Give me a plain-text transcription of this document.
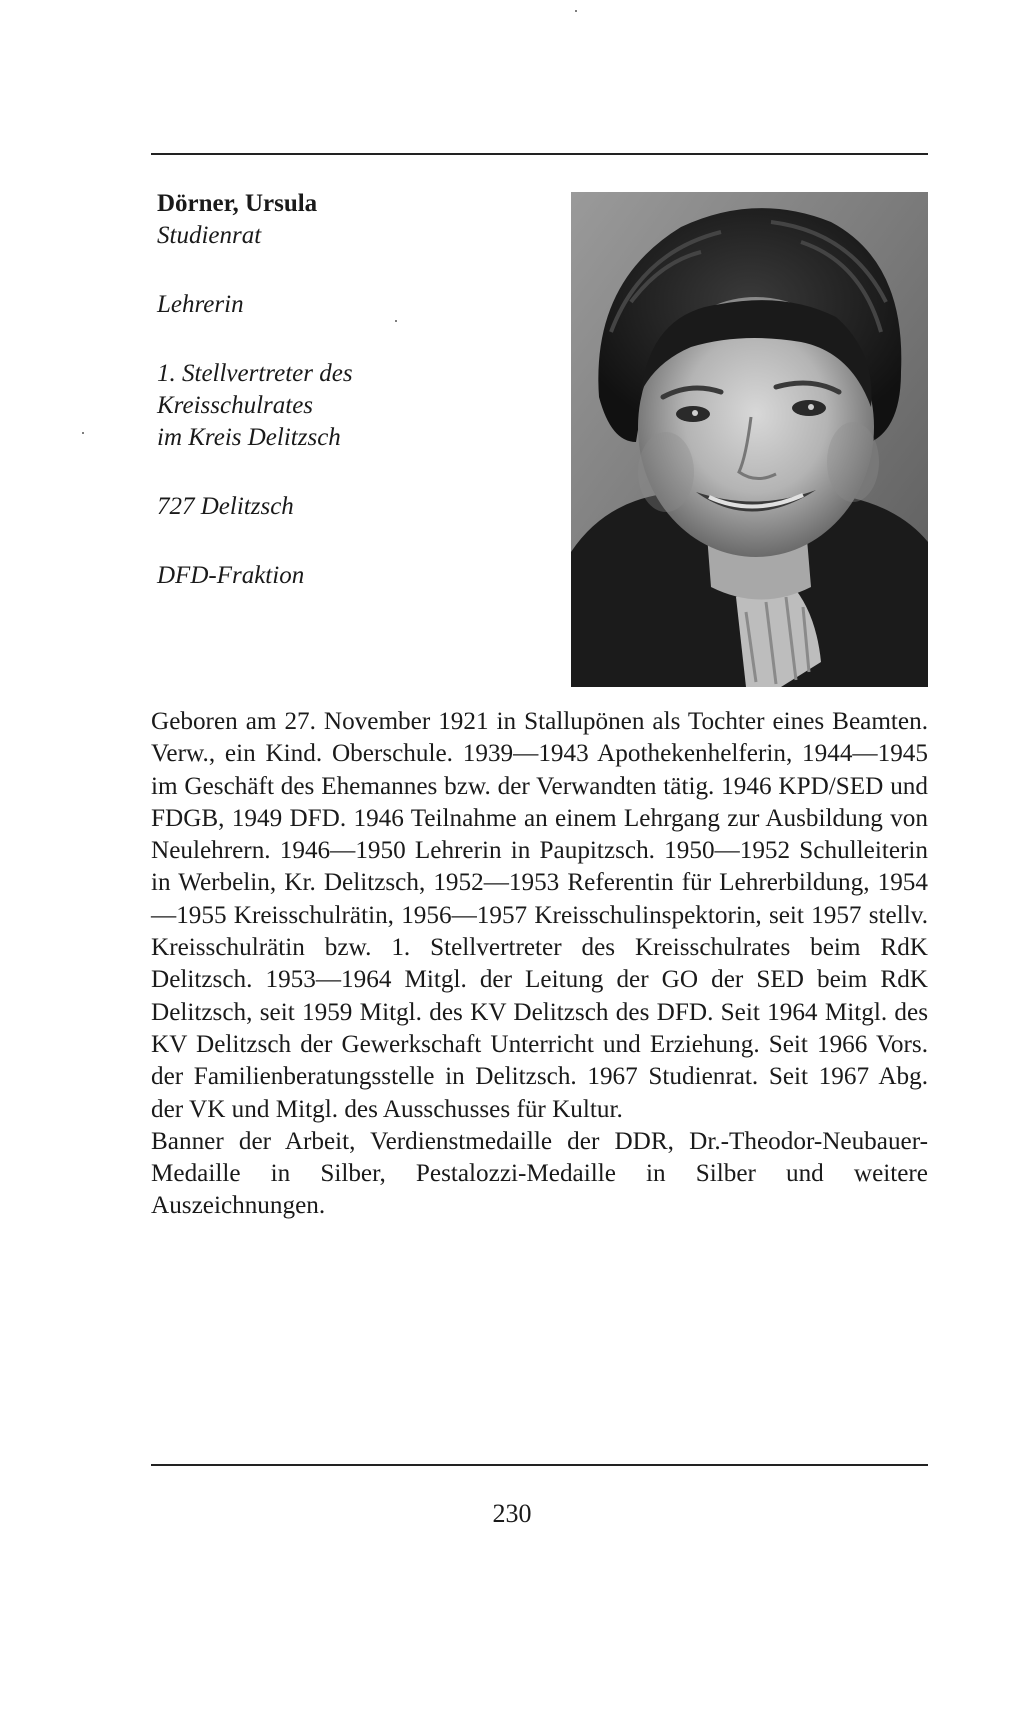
Dörner, Ursula

Studienrat

Lehrerin

1. Stellvertreter des

Kreisschulrates

im Kreis Delitzsch

727 Delitzsch

DFD-Fraktion

Geboren am 27. November 1921 in Stallupönen als Tochter eines Beamten. Verw., ein Kind. Oberschule. 1939—1943 Apothekenhelferin, 1944—1945 im Geschäft des Ehemannes bzw. der Verwandten tätig. 1946 KPD/SED und FDGB, 1949 DFD. 1946 Teilnahme an einem Lehrgang zur Ausbildung von Neulehrern. 1946—1950 Lehrerin in Paupitzsch. 1950—1952 Schulleiterin in Werbelin, Kr. Delitzsch, 1952—1953 Referentin für Lehrerbildung, 1954—1955 Kreisschulrätin, 1956—1957 Kreisschulinspektorin, seit 1957 stellv. Kreisschulrätin bzw. 1. Stellvertreter des Kreisschulrates beim RdK Delitzsch. 1953—1964 Mitgl. der Leitung der GO der SED beim RdK Delitzsch, seit 1959 Mitgl. des KV Delitzsch des DFD. Seit 1964 Mitgl. des KV Delitzsch der Gewerkschaft Unterricht und Erziehung. Seit 1966 Vors. der Familienberatungsstelle in Delitzsch. 1967 Studienrat. Seit 1967 Abg. der VK und Mitgl. des Ausschusses für Kultur.

Banner der Arbeit, Verdienstmedaille der DDR, Dr.-Theodor-Neubauer-Medaille in Silber, Pestalozzi-Medaille in Silber und weitere Auszeichnungen.

230
